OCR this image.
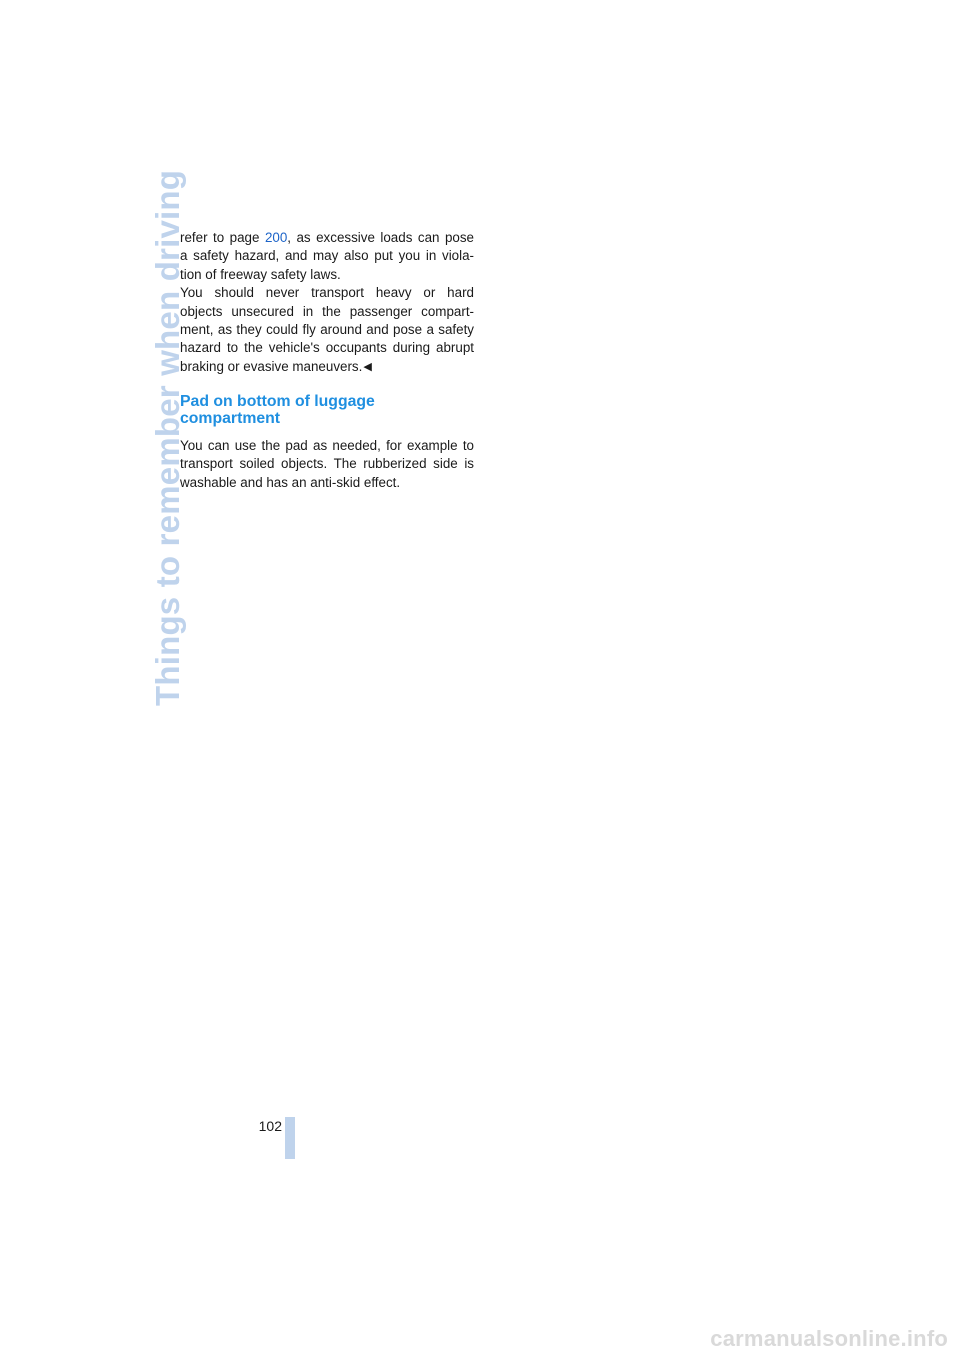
Things to remember when driving

refer to page 200, as excessive loads can pose
a safety hazard, and may also put you in viola-
tion of freeway safety laws.

You should never transport heavy or hard
objects unsecured in the passenger compart-
ment, as they could fly around and pose a safety
hazard to the vehicle's occupants during abrupt
braking or evasive maneuvers.◀

Pad on bottom of luggage
compartment

You can use the pad as needed, for example to
transport soiled objects. The rubberized side is
washable and has an anti-skid effect.

102
carmanualsonline.info
